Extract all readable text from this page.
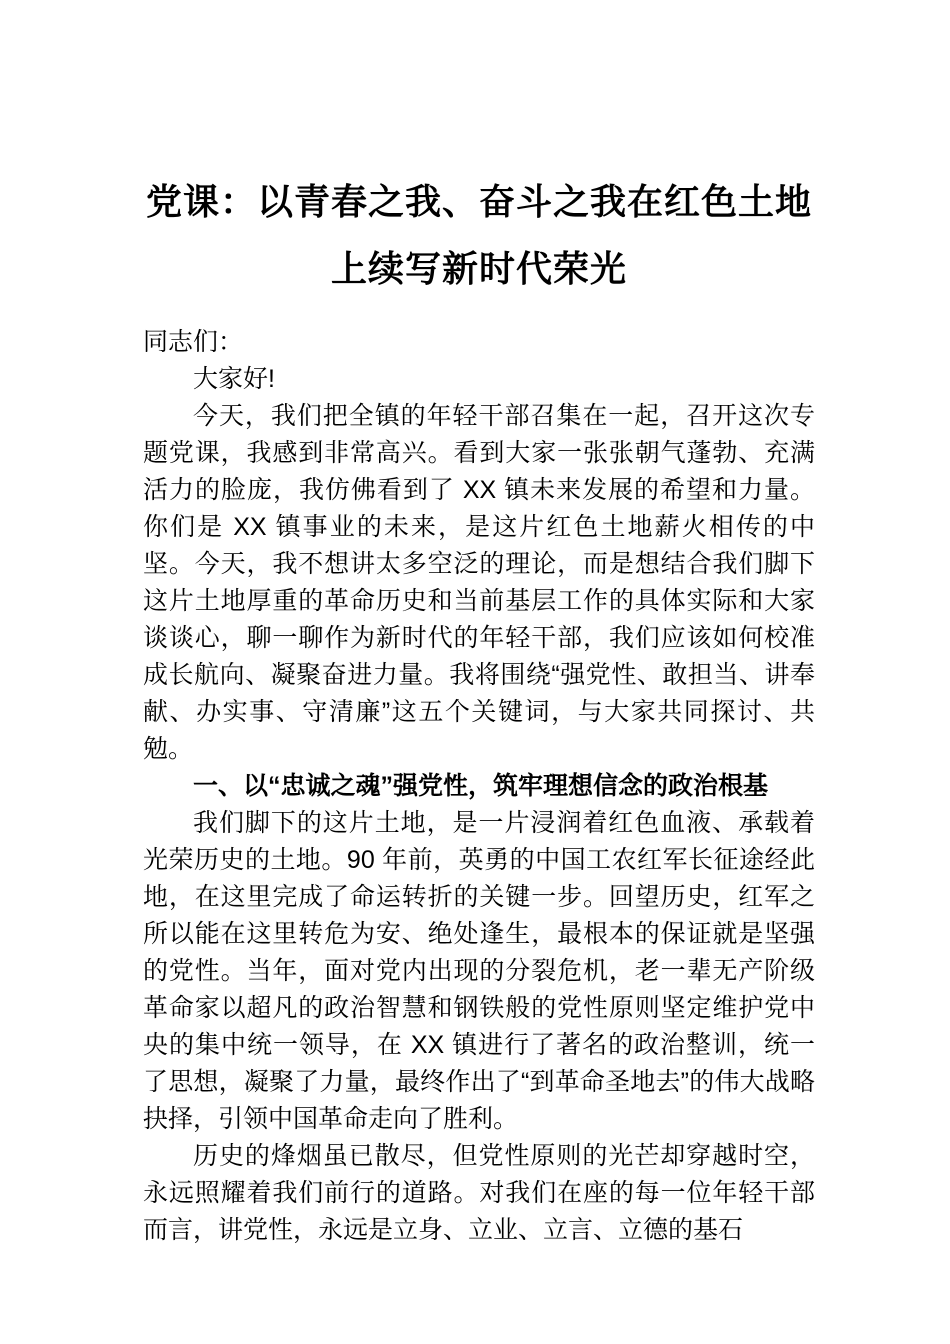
党课：以青春之我、奋斗之我在红色土地
上续写新时代荣光

同志们：

大家好!

今天，我们把全镇的年轻干部召集在一起，召开这次专题党课，我感到非常高兴。看到大家一张张朝气蓬勃、充满活力的脸庞，我仿佛看到了 XX 镇未来发展的希望和力量。你们是 XX 镇事业的未来，是这片红色土地薪火相传的中坚。今天，我不想讲太多空泛的理论，而是想结合我们脚下这片土地厚重的革命历史和当前基层工作的具体实际和大家谈谈心，聊一聊作为新时代的年轻干部，我们应该如何校准成长航向、凝聚奋进力量。我将围绕“强党性、敢担当、讲奉献、办实事、守清廉”这五个关键词，与大家共同探讨、共勉。

一、以“忠诚之魂”强党性，筑牢理想信念的政治根基

我们脚下的这片土地，是一片浸润着红色血液、承载着光荣历史的土地。90 年前，英勇的中国工农红军长征途经此地，在这里完成了命运转折的关键一步。回望历史，红军之所以能在这里转危为安、绝处逢生，最根本的保证就是坚强的党性。当年，面对党内出现的分裂危机，老一辈无产阶级革命家以超凡的政治智慧和钢铁般的党性原则坚定维护党中央的集中统一领导，在 XX 镇进行了著名的政治整训，统一了思想，凝聚了力量，最终作出了“到革命圣地去”的伟大战略抉择，引领中国革命走向了胜利。

历史的烽烟虽已散尽，但党性原则的光芒却穿越时空，永远照耀着我们前行的道路。对我们在座的每一位年轻干部而言，讲党性，永远是立身、立业、立言、立德的基石
